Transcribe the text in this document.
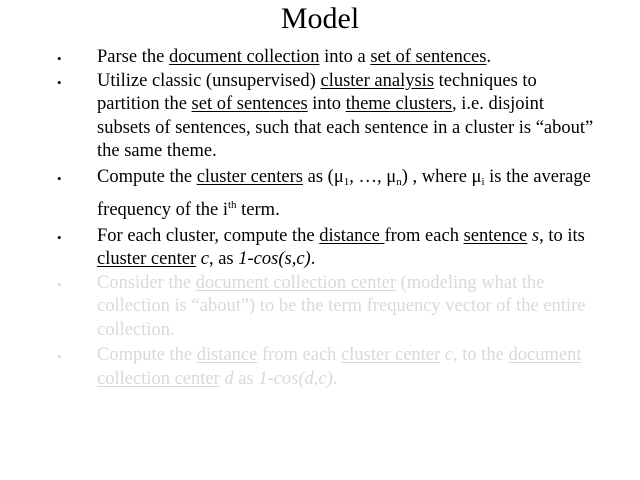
Model
• Parse the document collection into a set of sentences.
• Utilize classic (unsupervised) cluster analysis techniques to partition the set of sentences into theme clusters, i.e. disjoint subsets of sentences, such that each sentence in a cluster is “about” the same theme.
• Compute the cluster centers as ($\mu_1$, …, $\mu_n$) , where $\mu_i$ is the average frequency of the $i^{th}$ term.
• For each cluster, compute the distance from each sentence s, to its cluster center c, as 1-cos(s,c).
• Consider the document collection center (modeling what the collection is “about”) to be the term frequency vector of the entire collection.
• Compute the distance from each cluster center c, to the document collection center d as 1-cos(d,c).
